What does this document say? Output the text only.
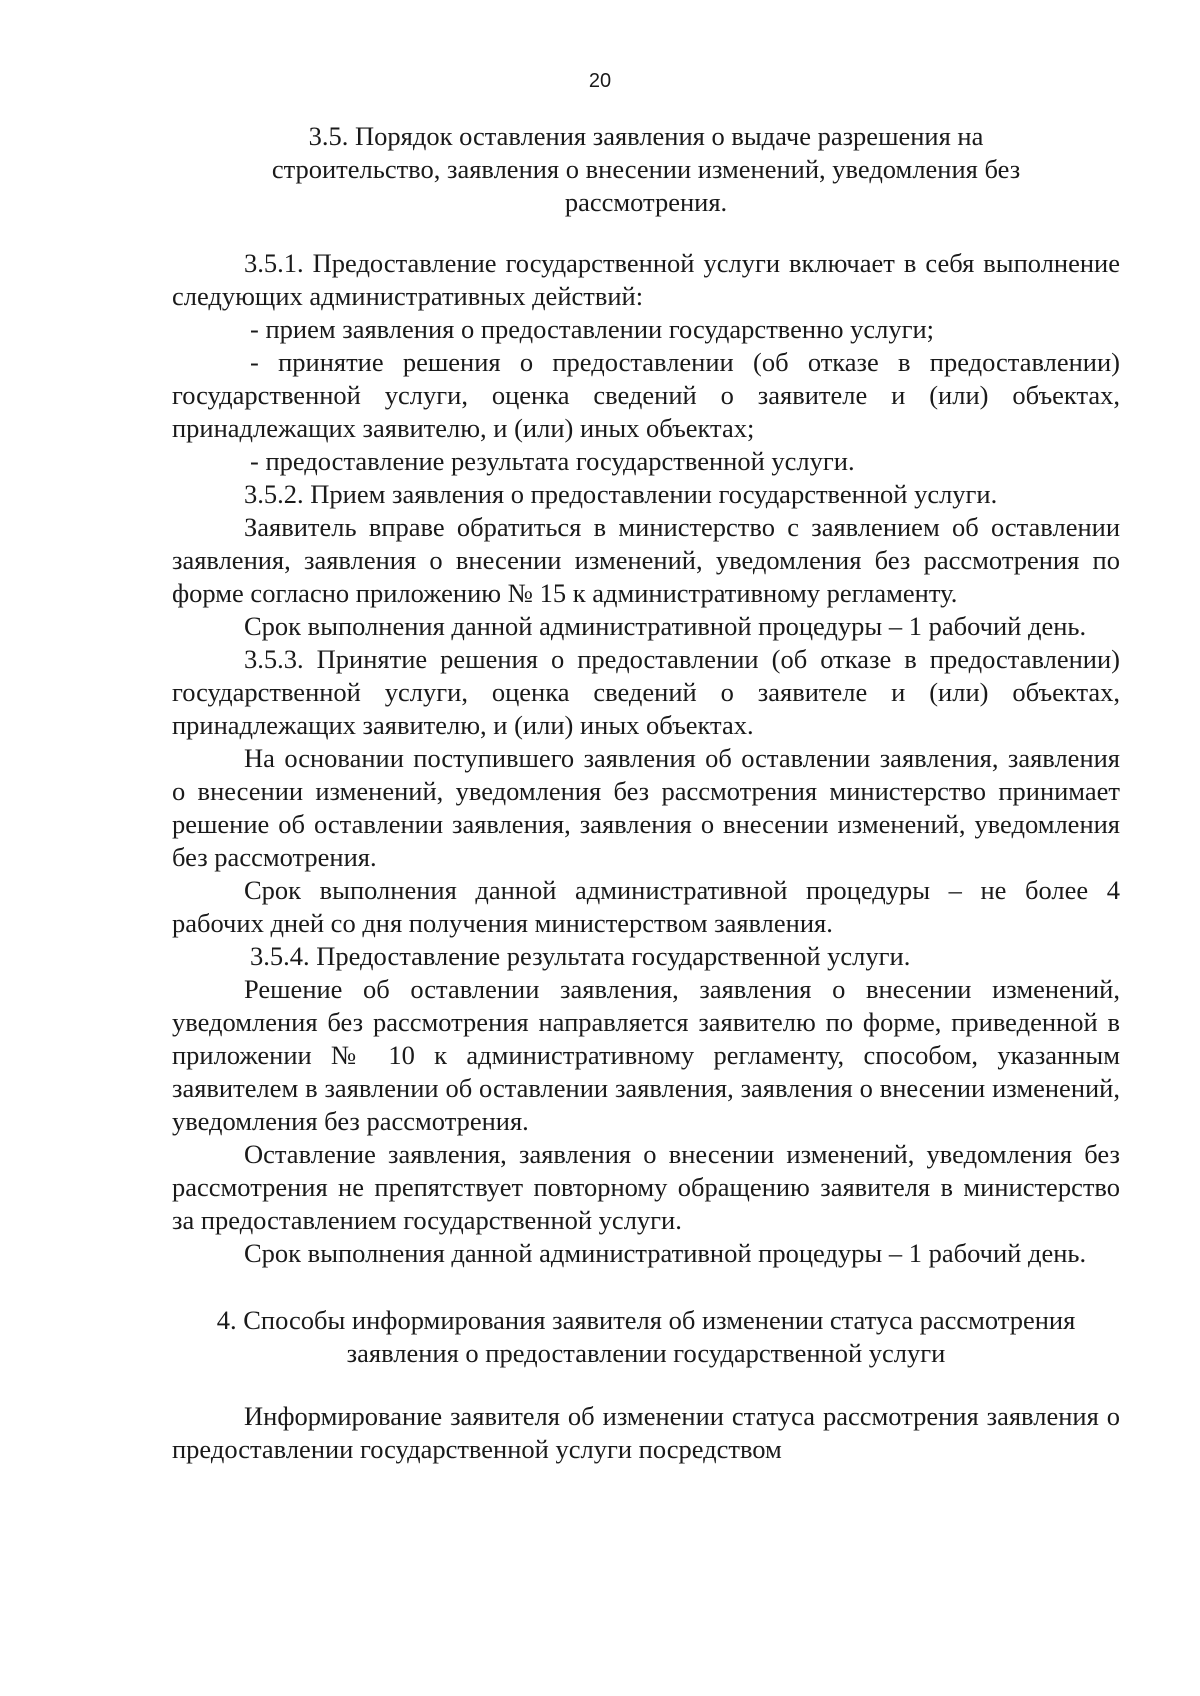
20
3.5. Порядок оставления заявления о выдаче разрешения на строительство, заявления о внесении изменений, уведомления без рассмотрения.

3.5.1. Предоставление государственной услуги включает в себя выполнение следующих административных действий:

- прием заявления о предоставлении государственно услуги;

- принятие решения о предоставлении (об отказе в предоставлении) государственной услуги, оценка сведений о заявителе и (или) объектах, принадлежащих заявителю, и (или) иных объектах;

- предоставление результата государственной услуги.

3.5.2. Прием заявления о предоставлении государственной услуги.

Заявитель вправе обратиться в министерство с заявлением об оставлении заявления, заявления о внесении изменений, уведомления без рассмотрения по форме согласно приложению № 15 к административному регламенту.

Срок выполнения данной административной процедуры – 1 рабочий день.

3.5.3. Принятие решения о предоставлении (об отказе в предоставлении) государственной услуги, оценка сведений о заявителе и (или) объектах, принадлежащих заявителю, и (или) иных объектах.

На основании поступившего заявления об оставлении заявления, заявления о внесении изменений, уведомления без рассмотрения министерство принимает решение об оставлении заявления, заявления о внесении изменений, уведомления без рассмотрения.

Срок выполнения данной административной процедуры – не более 4 рабочих дней со дня получения министерством заявления.

3.5.4. Предоставление результата государственной услуги.

Решение об оставлении заявления, заявления о внесении изменений, уведомления без рассмотрения направляется заявителю по форме, приведенной в приложении № 10 к административному регламенту, способом, указанным заявителем в заявлении об оставлении заявления, заявления о внесении изменений, уведомления без рассмотрения.

Оставление заявления, заявления о внесении изменений, уведомления без рассмотрения не препятствует повторному обращению заявителя в министерство за предоставлением государственной услуги.

Срок выполнения данной административной процедуры – 1 рабочий день.

4. Способы информирования заявителя об изменении статуса рассмотрения заявления о предоставлении государственной услуги

Информирование заявителя об изменении статуса рассмотрения заявления о предоставлении государственной услуги посредством
